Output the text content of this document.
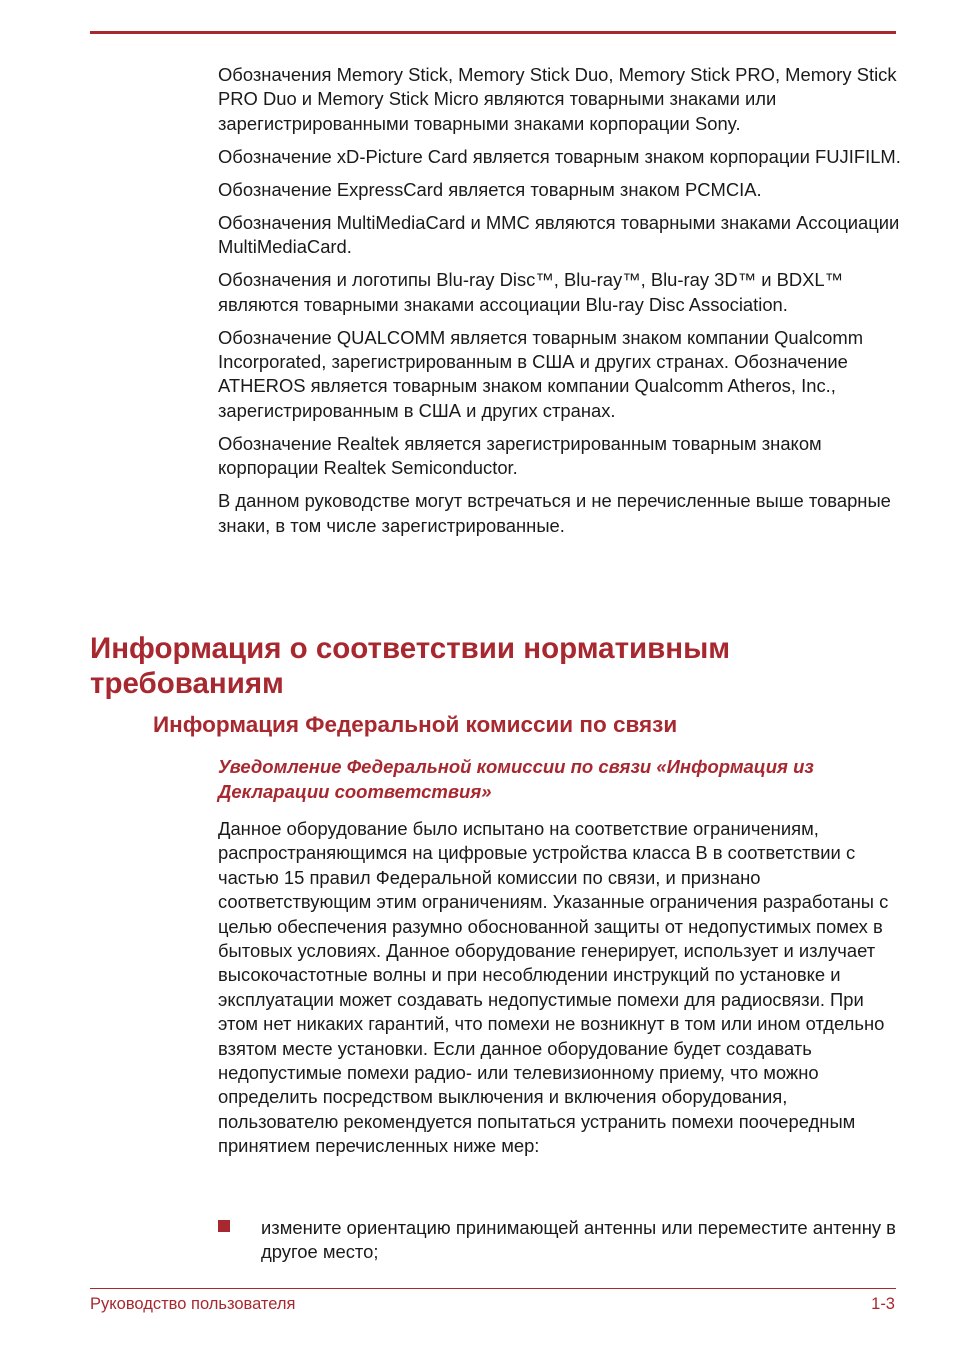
Обозначения Memory Stick, Memory Stick Duo, Memory Stick PRO, Memory Stick PRO Duo и Memory Stick Micro являются товарными знаками или зарегистрированными товарными знаками корпорации Sony.

Обозначение xD-Picture Card является товарным знаком корпорации FUJIFILM.

Обозначение ExpressCard является товарным знаком PCMCIA.

Обозначения MultiMediaCard и MMC являются товарными знаками Ассоциации MultiMediaCard.

Обозначения и логотипы Blu-ray Disc™, Blu-ray™, Blu-ray 3D™ и BDXL™ являются товарными знаками ассоциации Blu-ray Disc Association.

Обозначение QUALCOMM является товарным знаком компании Qualcomm Incorporated, зарегистрированным в США и других странах. Обозначение ATHEROS является товарным знаком компании Qualcomm Atheros, Inc., зарегистрированным в США и других странах.

Обозначение Realtek является зарегистрированным товарным знаком корпорации Realtek Semiconductor.

В данном руководстве могут встречаться и не перечисленные выше товарные знаки, в том числе зарегистрированные.

Информация о соответствии нормативным требованиям
Информация Федеральной комиссии по связи
Уведомление Федеральной комиссии по связи «Информация из Декларации соответствия»

Данное оборудование было испытано на соответствие ограничениям, распространяющимся на цифровые устройства класса B в соответствии с частью 15 правил Федеральной комиссии по связи, и признано соответствующим этим ограничениям. Указанные ограничения разработаны с целью обеспечения разумно обоснованной защиты от недопустимых помех в бытовых условиях. Данное оборудование генерирует, использует и излучает высокочастотные волны и при несоблюдении инструкций по установке и эксплуатации может создавать недопустимые помехи для радиосвязи. При этом нет никаких гарантий, что помехи не возникнут в том или ином отдельно взятом месте установки. Если данное оборудование будет создавать недопустимые помехи радио- или телевизионному приему, что можно определить посредством выключения и включения оборудования, пользователю рекомендуется попытаться устранить помехи поочередным принятием перечисленных ниже мер:

измените ориентацию принимающей антенны или переместите антенну в другое место;

Руководство пользователя	1-3
